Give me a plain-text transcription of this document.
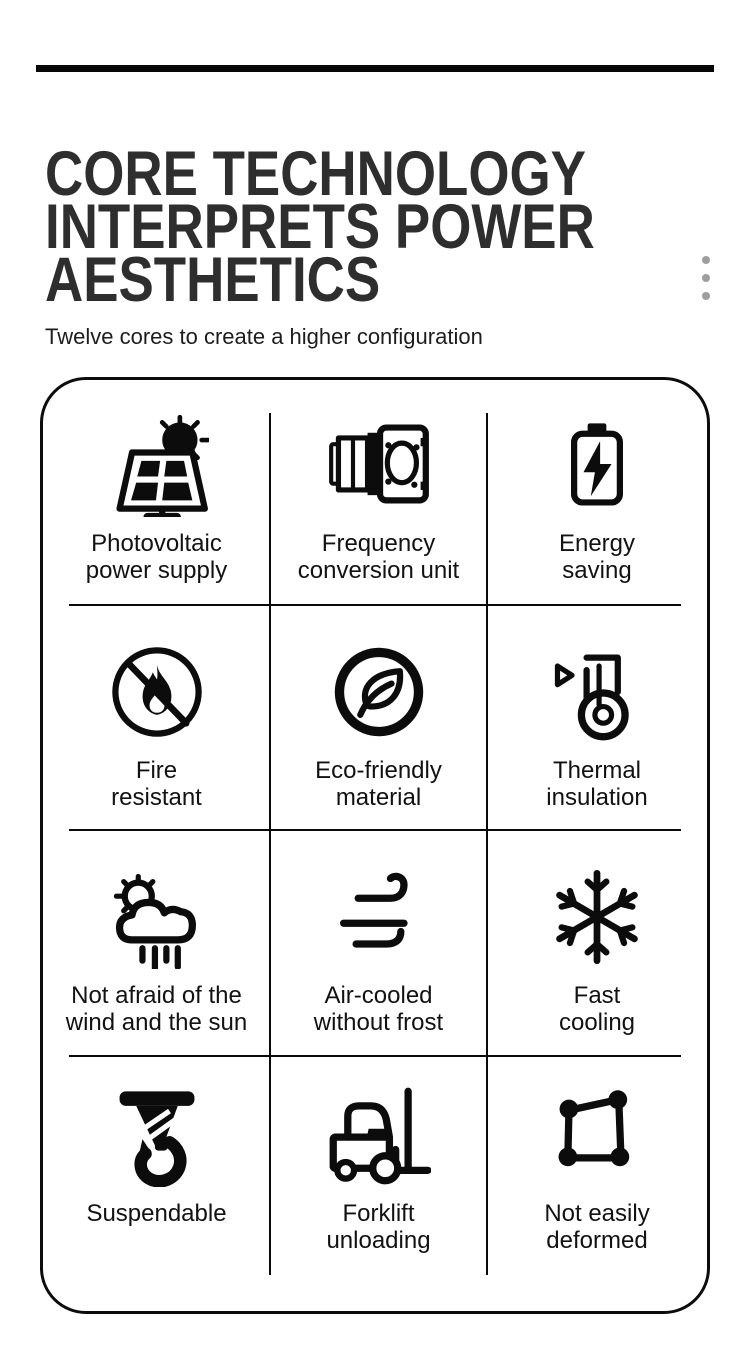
CORE TECHNOLOGY
INTERPRETS POWER
AESTHETICS

Twelve cores to create a higher configuration

Photovoltaic
power supply
Frequency
conversion unit
Energy
saving
Fire
resistant
Eco-friendly
material
Thermal
insulation
Not afraid of the
wind and the sun
Air-cooled
without frost
Fast
cooling
Suspendable	Forklift
unloading
Not easily
deformed
